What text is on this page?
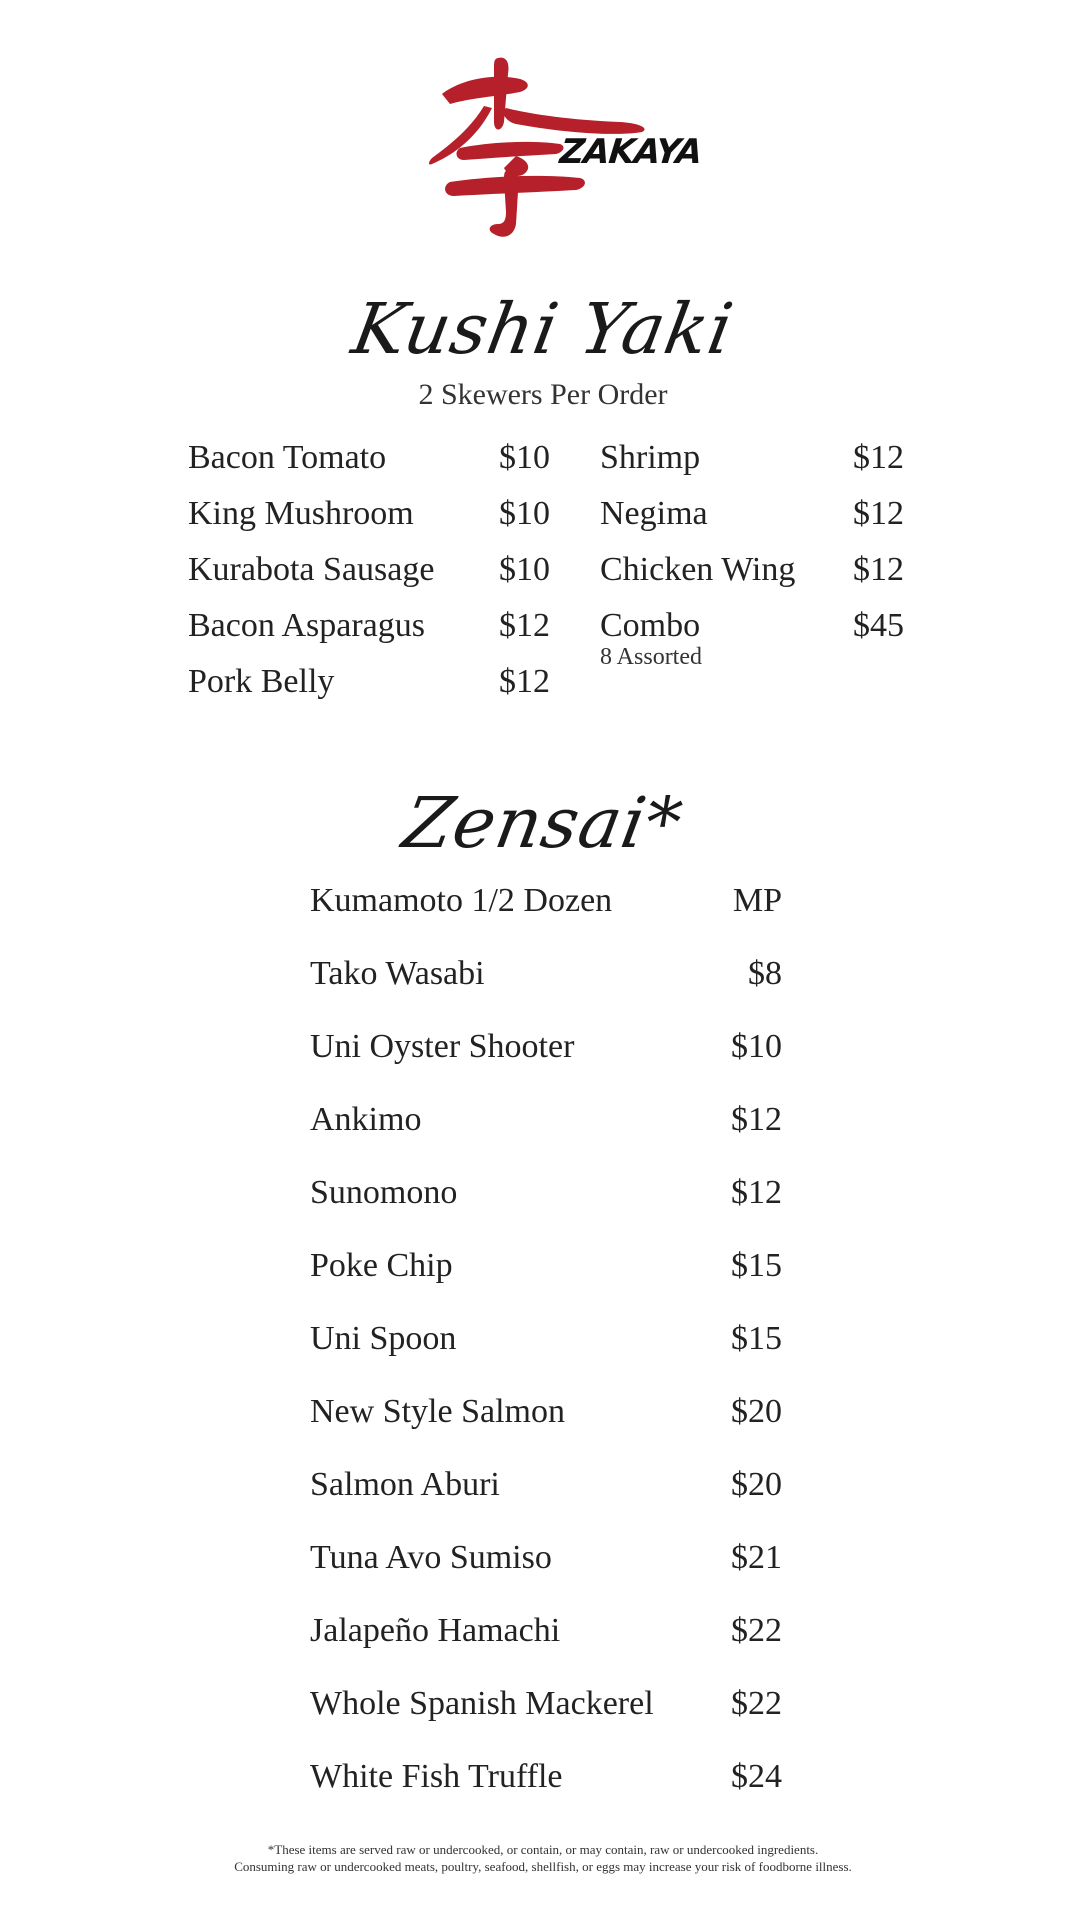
ZAKAYA
Kushi Yaki
2 Skewers Per Order
Bacon Tomato	$10
King Mushroom	$10
Kurabota Sausage $10
Bacon Asparagus $12
Pork Belly	$12
Shrimp	$12
Negima	$12
Chicken Wing $12
Combo	$45
8 Assorted
Zensai*
Kumamoto 1/2 Dozen	MP
Tako Wasabi	$8
Uni Oyster Shooter	$10
Ankimo	$12
Sunomono	$12
Poke Chip	$15
Uni Spoon	$15
New Style Salmon	$20
Salmon Aburi	$20
Tuna Avo Sumiso	$21
Jalapeño Hamachi	$22
Whole Spanish Mackerel $22
White Fish Truffle	$24
*These items are served raw or undercooked, or contain, or may contain, raw or undercooked ingredients.
Consuming raw or undercooked meats, poultry, seafood, shellfish, or eggs may increase your risk of foodborne illness.
